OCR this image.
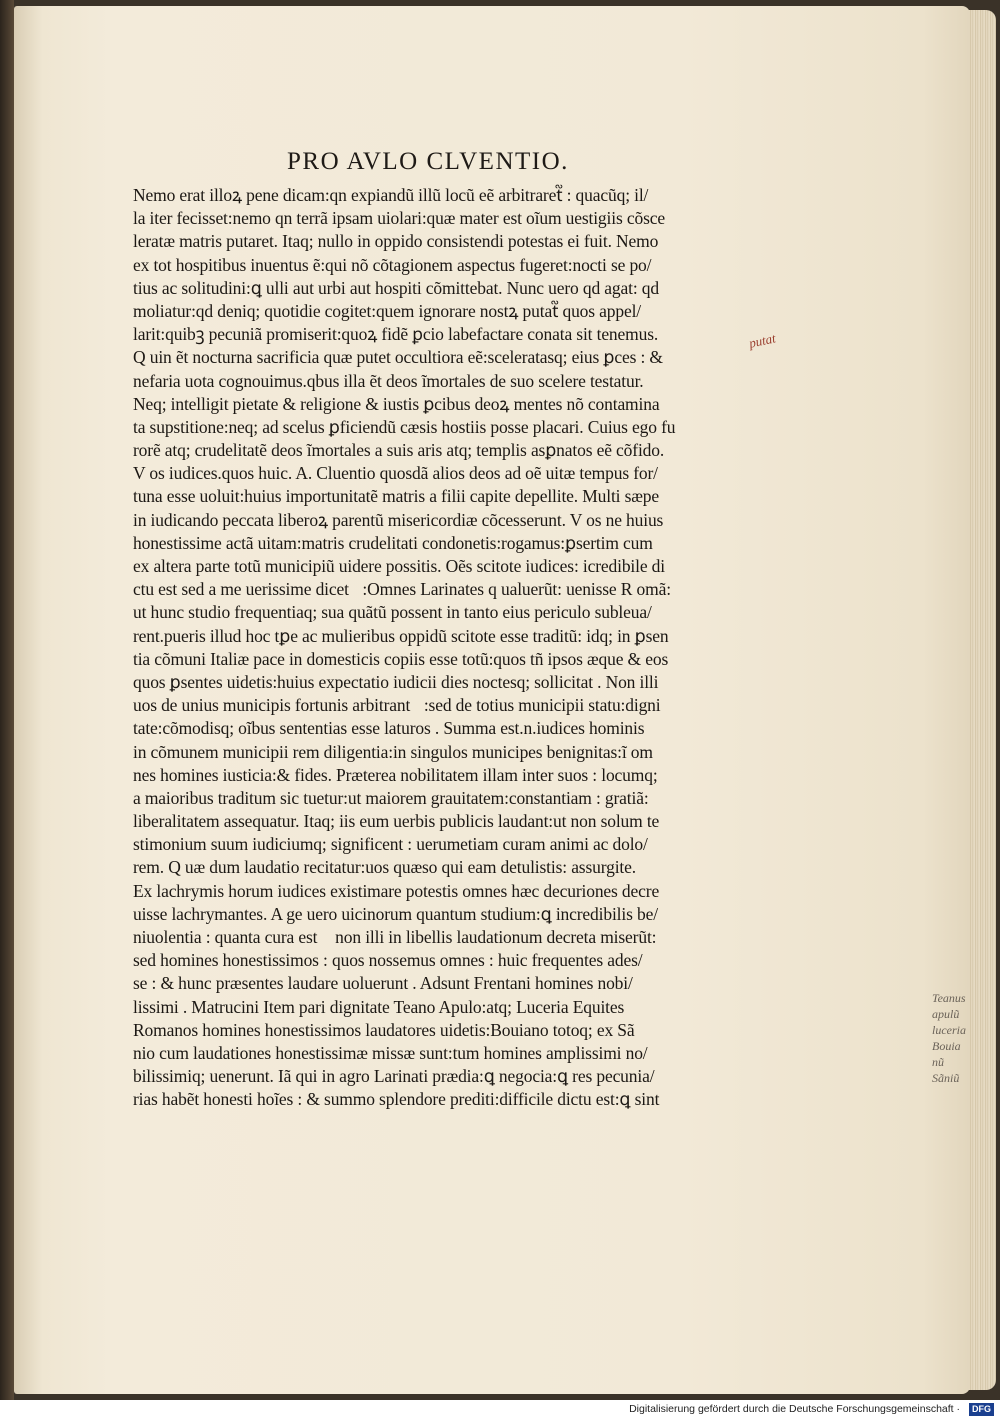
PRO AVLO CLVENTIO.
Nemo erat illoꝝ pene dicam:qn expiandũ illũ locũ eẽ arbitraret᷑ : quacũq; il/
la iter fecisset:nemo qn terrã ipsam uiolari:quæ mater est oĩum uestigiis cõsce
leratæ matris putaret. Itaq; nullo in oppido consistendi potestas ei fuit. Nemo
ex tot hospitibus inuentus ẽ:qui nõ cõtagionem aspectus fugeret:nocti se po/
tius ac solitudini:ꝗ ulli aut urbi aut hospiti cõmittebat. Nunc uero qd agat: qd
moliatur:qd deniq; quotidie cogitet:quem ignorare nostꝝ putat᷑ quos appel/
larit:quibꝫ pecuniã promiserit:quoꝝ fidẽ ꝑcio labefactare conata sit tenemus.
Q uin ẽt nocturna sacrificia quæ putet occultiora eẽ:sceleratasq; eius ꝑces : &
nefaria uota cognouimus.qbus illa ẽt deos ĩmortales de suo scelere testatur.
Neq; intelligit pietate & religione & iustis ꝑcibus deoꝝ mentes nõ contamina
ta supstitione:neq; ad scelus ꝑficiendũ cæsis hostiis posse placari. Cuius ego fu
rorẽ atq; crudelitatẽ deos ĩmortales a suis aris atq; templis asꝑnatos eẽ cõfido.
V os iudices.quos huic. A. Cluentio quosdã alios deos ad oẽ uitæ tempus for/
tuna esse uoluit:huius importunitatẽ matris a filii capite depellite. Multi sæpe
in iudicando peccata liberoꝝ parentũ misericordiæ cõcesserunt. V os ne huius
honestissime actã uitam:matris crudelitati condonetis:rogamus:ꝑsertim cum
ex altera parte totũ municipiũ uidere possitis. Oẽs scitote iudices: icredibile di
ctu est sed a me uerissime dicet᷑:Omnes Larinates q ualuerũt: uenisse R omã:
ut hunc studio frequentiaq; sua quãtũ possent in tanto eius periculo subleua/
rent.pueris illud hoc tꝑe ac mulieribus oppidũ scitote esse traditũ: idq; in ꝑsen
tia cõmuni Italiæ pace in domesticis copiis esse totũ:quos tñ ipsos æque & eos
quos ꝑsentes uidetis:huius expectatio iudicii dies noctesq; sollicitat . Non illi
uos de unius municipis fortunis arbitrant᷑:sed de totius municipii statu:digni
tate:cõmodisq; oĩbus sententias esse laturos . Summa est.n.iudices hominis
in cõmunem municipii rem diligentia:in singulos municipes benignitas:ĩ om
nes homines iusticia:& fides. Præterea nobilitatem illam inter suos : locumq;
a maioribus traditum sic tuetur:ut maiorem grauitatem:constantiam : gratiã:
liberalitatem assequatur. Itaq; iis eum uerbis publicis laudant:ut non solum te
stimonium suum iudiciumq; significent : uerumetiam curam animi ac dolo/
rem. Q uæ dum laudatio recitatur:uos quæso qui eam detulistis: assurgite.
Ex lachrymis horum iudices existimare potestis omnes hæc decuriones decre
uisse lachrymantes. A ge uero uicinorum quantum studium:ꝗ incredibilis be/
niuolentia : quanta cura est᷑ non illi in libellis laudationum decreta miserũt:
sed homines honestissimos : quos nossemus omnes : huic frequentes ades/
se : & hunc præsentes laudare uoluerunt . Adsunt Frentani homines nobi/
lissimi . Matrucini Item pari dignitate Teano Apulo:atq; Luceria Equites
Romanos homines honestissimos laudatores uidetis:Bouiano totoq; ex Sã
nio cum laudationes honestissimæ missæ sunt:tum homines amplissimi no/
bilissimiq; uenerunt. Iã qui in agro Larinati prædia:ꝗ negocia:ꝗ res pecunia/
rias habẽt honesti hoĩes : & summo splendore prediti:difficile dictu est:ꝗ sint
putat
Teanus
apulũ
luceria
Bouia
nũ
Sãniũ
Digitalisierung gefördert durch die Deutsche Forschungsgemeinschaft ·	DFG
